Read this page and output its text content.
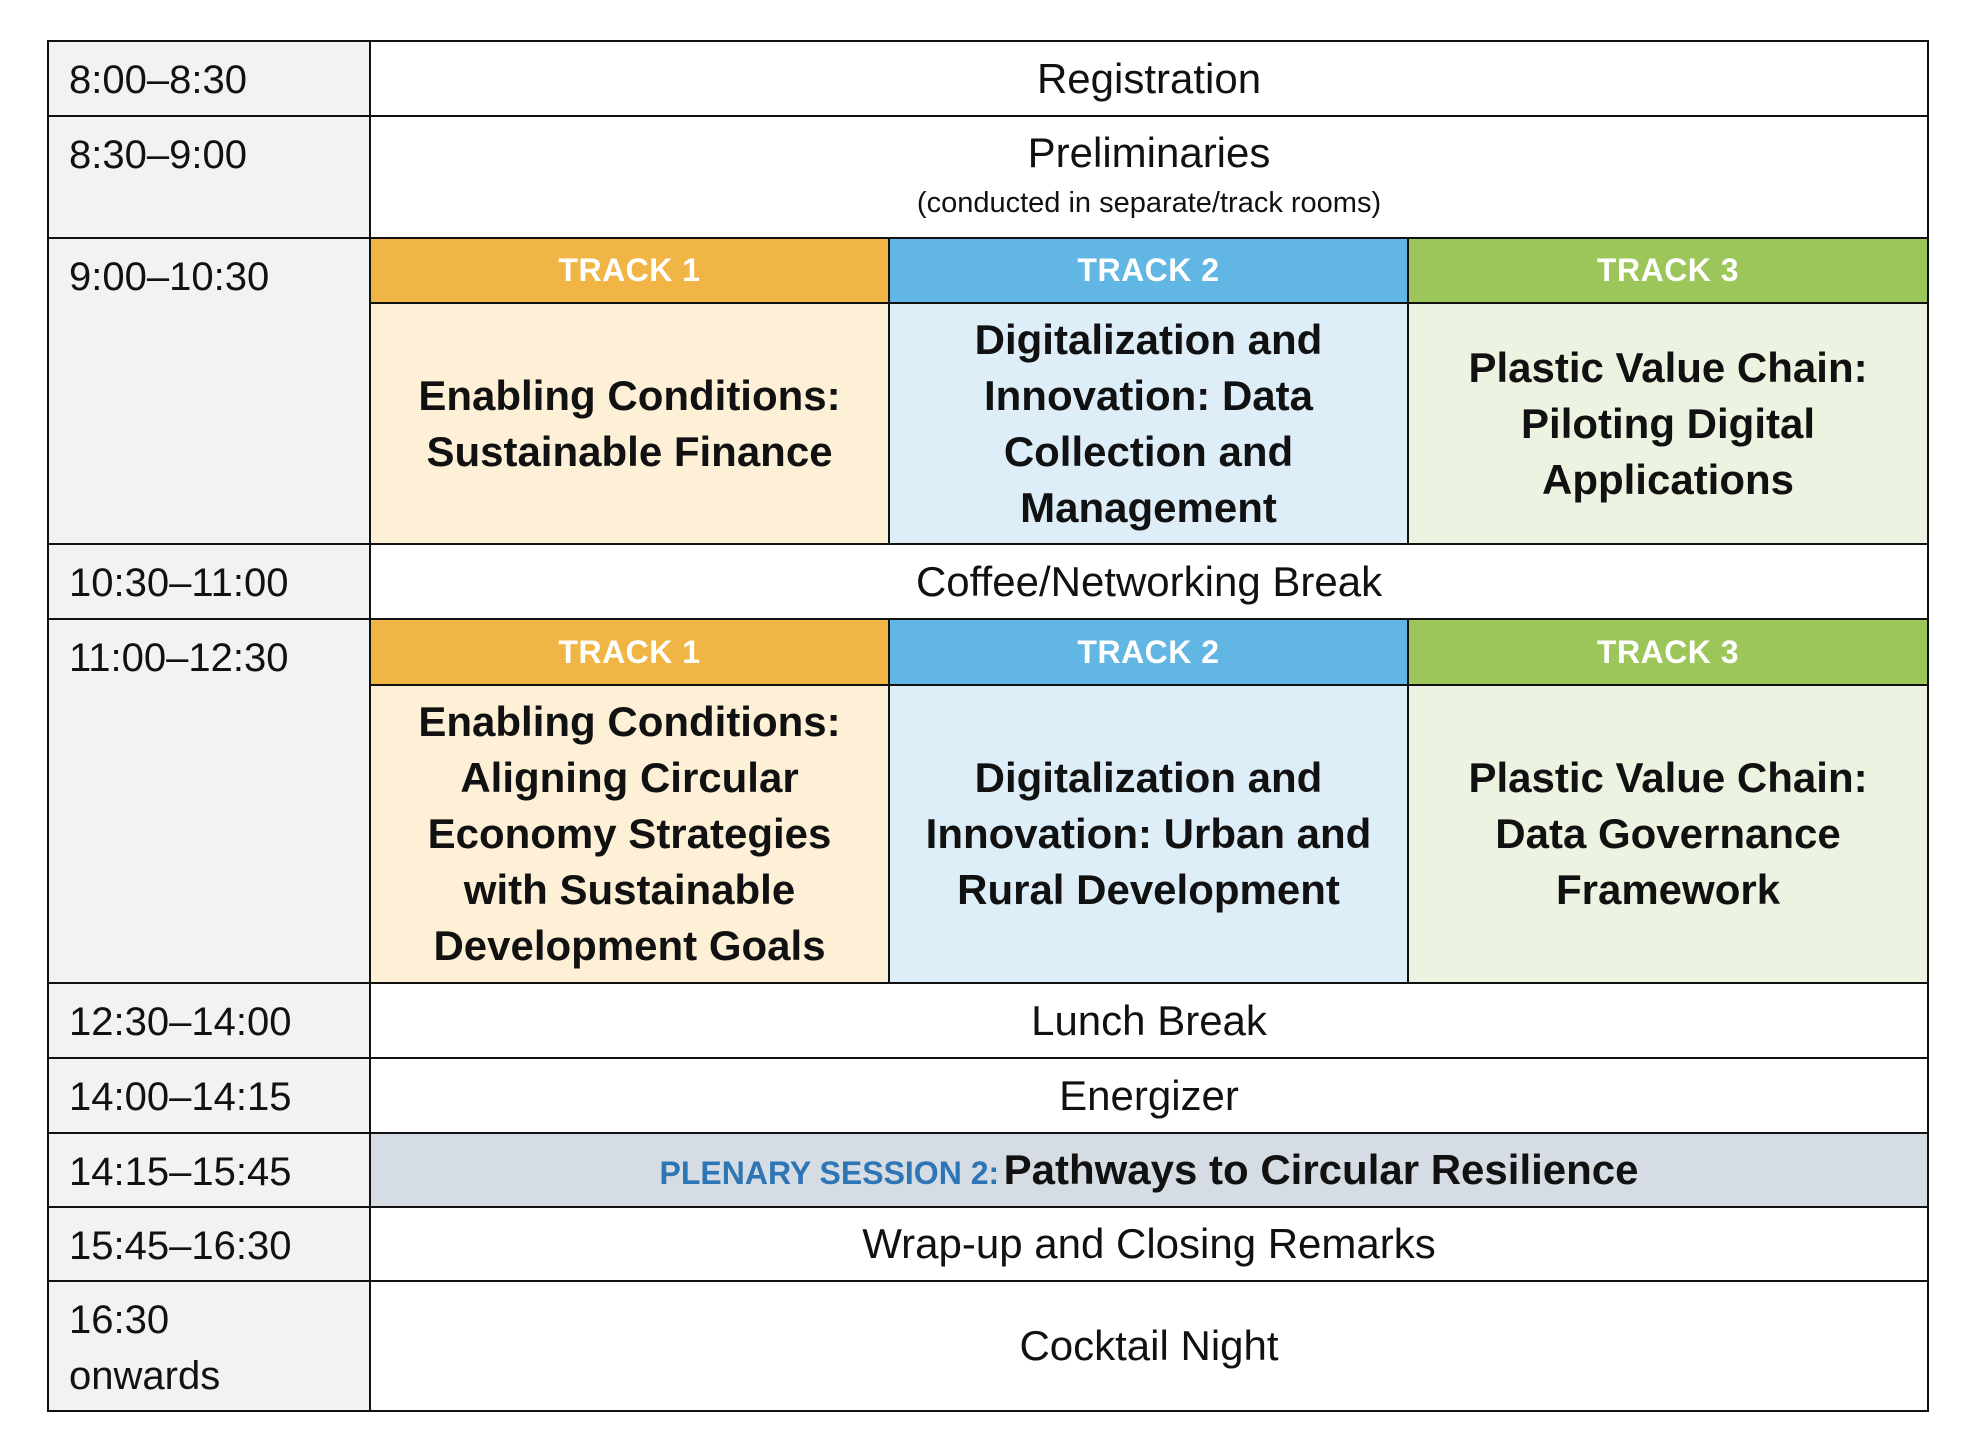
8:00–8:30	Registration		
8:30–9:00	Preliminaries
(conducted in separate/track rooms)		

9:00–10:30	TRACK 1	TRACK 2	TRACK 3
	Enabling Conditions: Sustainable Finance	Digitalization and Innovation: Data Collection and Management	Plastic Value Chain: Piloting Digital Applications
10:30–11:00	Coffee/Networking Break		
11:00–12:30	TRACK 1	TRACK 2	TRACK 3
	Enabling Conditions: Aligning Circular Economy Strategies with Sustainable Development Goals	Digitalization and Innovation: Urban and Rural Development	Plastic Value Chain: Data Governance Framework
12:30–14:00	Lunch Break		
14:00–14:15	Energizer		
14:15–15:45	PLENARY SESSION 2: Pathways to Circular Resilience		
15:45–16:30	Wrap-up and Closing Remarks		
16:30 onwards	Cocktail Night		
